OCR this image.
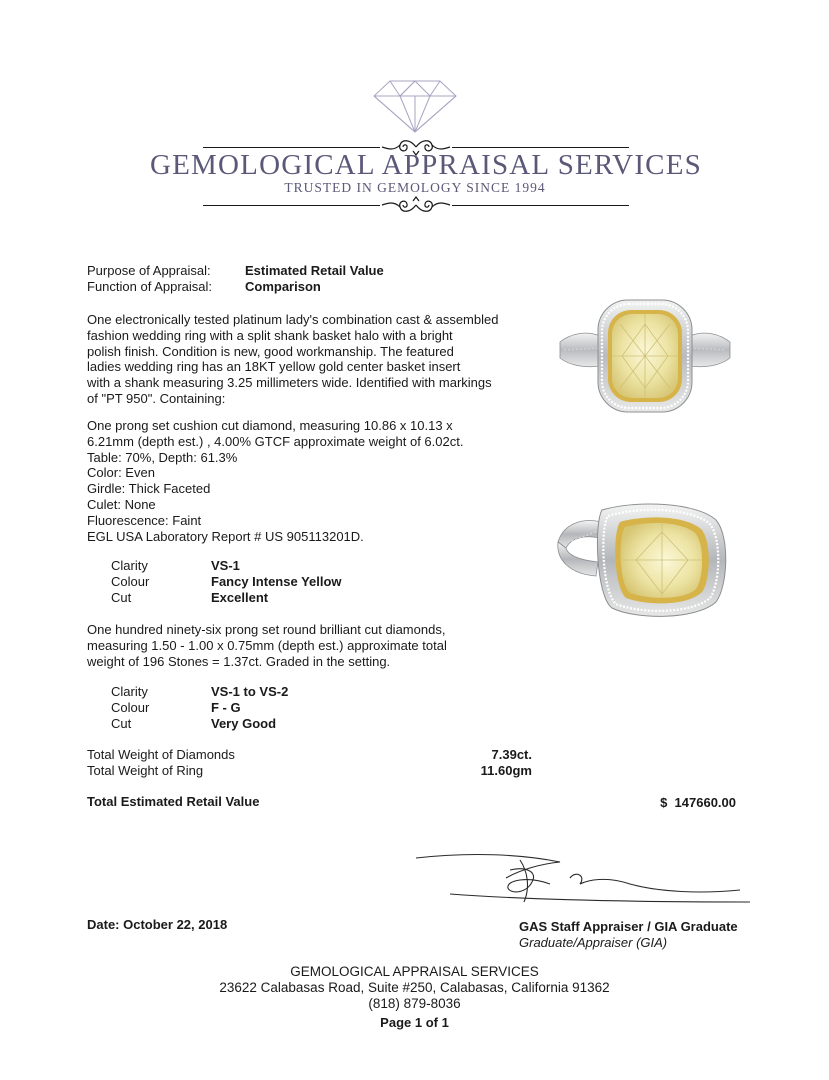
GEMOLOGICAL APPRAISAL SERVICES
TRUSTED IN GEMOLOGY SINCE 1994
Purpose of Appraisal:	Estimated Retail Value
Function of Appraisal:	Comparison
One electronically tested platinum lady's combination cast & assembled
fashion wedding ring with a split shank basket halo with a bright
polish finish. Condition is new, good workmanship. The featured
ladies wedding ring has an 18KT yellow gold center basket insert
with a shank measuring 3.25 millimeters wide. Identified with markings
of "PT 950". Containing:
One prong set cushion cut diamond, measuring 10.86 x 10.13 x
6.21mm (depth est.) , 4.00% GTCF approximate weight of 6.02ct.
Table: 70%, Depth: 61.3%
Color: Even
Girdle: Thick Faceted
Culet: None
Fluorescence: Faint
EGL USA Laboratory Report # US 905113201D.
Clarity	VS-1
Colour	Fancy Intense Yellow
Cut	Excellent
One hundred ninety-six prong set round brilliant cut diamonds,
measuring 1.50 - 1.00 x 0.75mm (depth est.) approximate total
weight of 196 Stones = 1.37ct. Graded in the setting.
Clarity	VS-1 to VS-2
Colour	F - G
Cut	Very Good
Total Weight of Diamonds	7.39ct.
Total Weight of Ring	11.60gm
Total Estimated Retail Value	$  147660.00
Date: October 22, 2018	GAS Staff Appraiser / GIA Graduate
Graduate/Appraiser (GIA)
GEMOLOGICAL APPRAISAL SERVICES
23622 Calabasas Road, Suite #250, Calabasas, California 91362
(818) 879-8036
Page 1 of 1
